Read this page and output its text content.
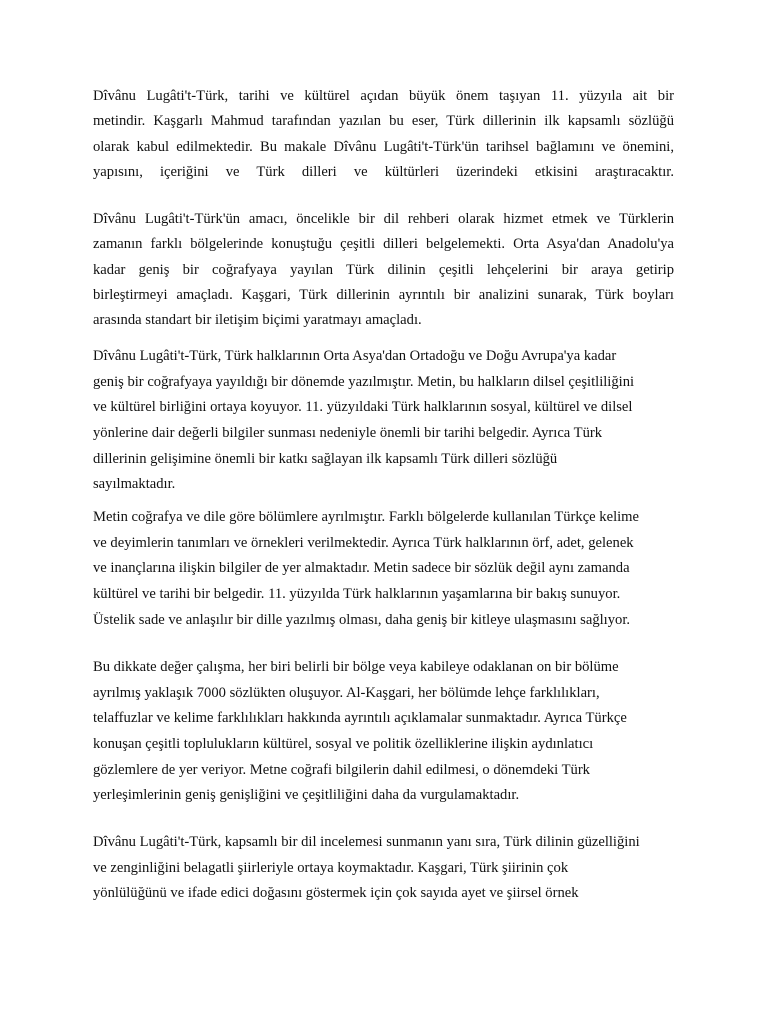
Dîvânu Lugâti't-Türk, tarihi ve kültürel açıdan büyük önem taşıyan 11. yüzyıla ait bir
metindir. Kaşgarlı Mahmud tarafından yazılan bu eser, Türk dillerinin ilk kapsamlı sözlüğü
olarak kabul edilmektedir. Bu makale Dîvânu Lugâti't-Türk'ün tarihsel bağlamını ve önemini,
yapısını, içeriğini ve Türk dilleri ve kültürleri üzerindeki etkisini araştıracaktır.
Dîvânu Lugâti't-Türk'ün amacı, öncelikle bir dil rehberi olarak hizmet etmek ve Türklerin
zamanın farklı bölgelerinde konuştuğu çeşitli dilleri belgelemekti. Orta Asya'dan Anadolu'ya
kadar geniş bir coğrafyaya yayılan Türk dilinin çeşitli lehçelerini bir araya getirip
birleştirmeyi amaçladı. Kaşgari, Türk dillerinin ayrıntılı bir analizini sunarak, Türk boyları
arasında standart bir iletişim biçimi yaratmayı amaçladı.
Dîvânu Lugâti't-Türk, Türk halklarının Orta Asya'dan Ortadoğu ve Doğu Avrupa'ya kadar
geniş bir coğrafyaya yayıldığı bir dönemde yazılmıştır. Metin, bu halkların dilsel çeşitliliğini
ve kültürel birliğini ortaya koyuyor. 11. yüzyıldaki Türk halklarının sosyal, kültürel ve dilsel
yönlerine dair değerli bilgiler sunması nedeniyle önemli bir tarihi belgedir. Ayrıca Türk
dillerinin gelişimine önemli bir katkı sağlayan ilk kapsamlı Türk dilleri sözlüğü
sayılmaktadır.
Metin coğrafya ve dile göre bölümlere ayrılmıştır. Farklı bölgelerde kullanılan Türkçe kelime
ve deyimlerin tanımları ve örnekleri verilmektedir. Ayrıca Türk halklarının örf, adet, gelenek
ve inançlarına ilişkin bilgiler de yer almaktadır. Metin sadece bir sözlük değil aynı zamanda
kültürel ve tarihi bir belgedir. 11. yüzyılda Türk halklarının yaşamlarına bir bakış sunuyor.
Üstelik sade ve anlaşılır bir dille yazılmış olması, daha geniş bir kitleye ulaşmasını sağlıyor.
Bu dikkate değer çalışma, her biri belirli bir bölge veya kabileye odaklanan on bir bölüme
ayrılmış yaklaşık 7000 sözlükten oluşuyor. Al-Kaşgari, her bölümde lehçe farklılıkları,
telaffuzlar ve kelime farklılıkları hakkında ayrıntılı açıklamalar sunmaktadır. Ayrıca Türkçe
konuşan çeşitli toplulukların kültürel, sosyal ve politik özelliklerine ilişkin aydınlatıcı
gözlemlere de yer veriyor. Metne coğrafi bilgilerin dahil edilmesi, o dönemdeki Türk
yerleşimlerinin geniş genişliğini ve çeşitliliğini daha da vurgulamaktadır.
Dîvânu Lugâti't-Türk, kapsamlı bir dil incelemesi sunmanın yanı sıra, Türk dilinin güzelliğini
ve zenginliğini belagatli şiirleriyle ortaya koymaktadır. Kaşgari, Türk şiirinin çok
yönlülüğünü ve ifade edici doğasını göstermek için çok sayıda ayet ve şiirsel örnek
